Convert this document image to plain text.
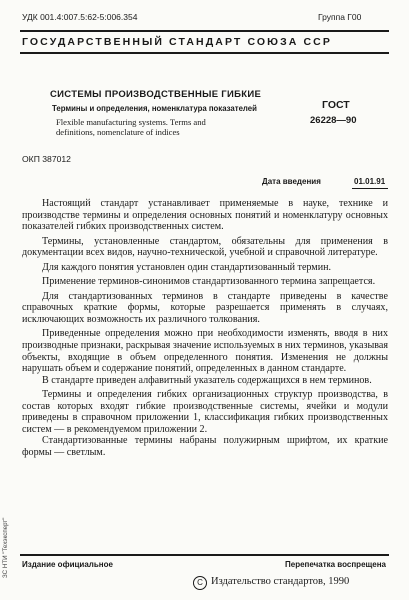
УДК 001.4:007.5:62-5:006.354	Группа Г00
ГОСУДАРСТВЕННЫЙ СТАНДАРТ СОЮЗА ССР
СИСТЕМЫ ПРОИЗВОДСТВЕННЫЕ ГИБКИЕ
Термины и определения, номенклатура показателей
Flexible manufacturing systems. Terms and
definitions, nomenclature of indices
ГОСТ
26228—90
ОКП 387012
Дата введения	01.01.91

Настоящий стандарт устанавливает применяемые в науке, технике и производстве термины и определения основных понятий и номенклатуру основных показателей гибких производственных систем.

Термины, установленные стандартом, обязательны для применения в документации всех видов, научно-технической, учебной и справочной литературе.

Для каждого понятия установлен один стандартизованный термин.

Применение терминов-синонимов стандартизованного термина запрещается.

Для стандартизованных терминов в стандарте приведены в качестве справочных краткие формы, которые разрешается применять в случаях, исключающих возможность их различного толкования.

Приведенные определения можно при необходимости изменять, вводя в них производные признаки, раскрывая значение используемых в них терминов, указывая объекты, входящие в объем определенного понятия. Изменения не должны нарушать объем и содержание понятий, определенных в данном стандарте.

В стандарте приведен алфавитный указатель содержащихся в нем терминов.

Термины и определения гибких организационных структур производства, в состав которых входят гибкие производственные системы, ячейки и модули приведены в справочном приложении 1, классификация гибких производственных систем — в рекомендуемом приложении 2.

Стандартизованные термины набраны полужирным шрифтом, их краткие формы — светлым.

ЗС НТИ "Техэксперт"	Издание официальное	Перепечатка воспрещена
С Издательство стандартов, 1990
